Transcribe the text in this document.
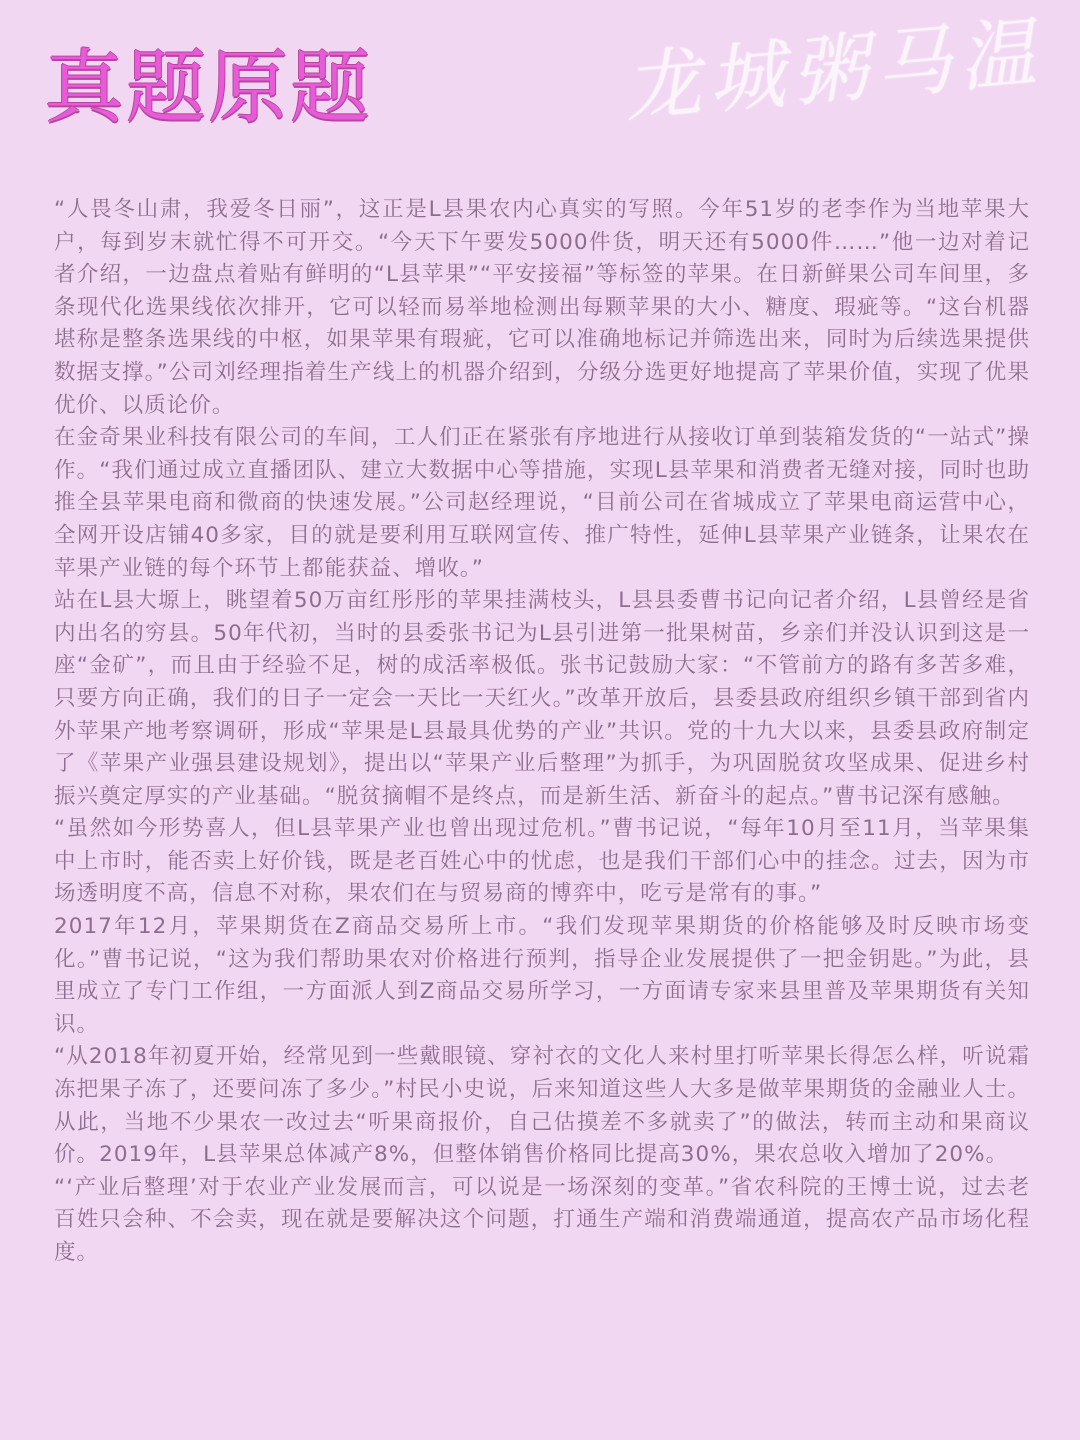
真题原题	龙城粥马温

“人畏冬山肃，我爱冬日丽”，这正是L县果农内心真实的写照。今年51岁的老李作为当地苹果大户，每到岁末就忙得不可开交。“今天下午要发5000件货，明天还有5000件……”他一边对着记者介绍，一边盘点着贴有鲜明的“L县苹果”“平安接福”等标签的苹果。在日新鲜果公司车间里，多条现代化选果线依次排开，它可以轻而易举地检测出每颗苹果的大小、糖度、瑕疵等。“这台机器堪称是整条选果线的中枢，如果苹果有瑕疵，它可以准确地标记并筛选出来，同时为后续选果提供数据支撑。”公司刘经理指着生产线上的机器介绍到，分级分选更好地提高了苹果价值，实现了优果优价、以质论价。

在金奇果业科技有限公司的车间，工人们正在紧张有序地进行从接收订单到装箱发货的“一站式”操作。“我们通过成立直播团队、建立大数据中心等措施，实现L县苹果和消费者无缝对接，同时也助推全县苹果电商和微商的快速发展。”公司赵经理说，“目前公司在省城成立了苹果电商运营中心，全网开设店铺40多家，目的就是要利用互联网宣传、推广特性，延伸L县苹果产业链条，让果农在苹果产业链的每个环节上都能获益、增收。”

站在L县大塬上，眺望着50万亩红彤彤的苹果挂满枝头，L县县委曹书记向记者介绍，L县曾经是省内出名的穷县。50年代初，当时的县委张书记为L县引进第一批果树苗，乡亲们并没认识到这是一座“金矿”，而且由于经验不足，树的成活率极低。张书记鼓励大家：“不管前方的路有多苦多难，只要方向正确，我们的日子一定会一天比一天红火。”改革开放后，县委县政府组织乡镇干部到省内外苹果产地考察调研，形成“苹果是L县最具优势的产业”共识。党的十九大以来，县委县政府制定了《苹果产业强县建设规划》，提出以“苹果产业后整理”为抓手，为巩固脱贫攻坚成果、促进乡村振兴奠定厚实的产业基础。“脱贫摘帽不是终点，而是新生活、新奋斗的起点。”曹书记深有感触。

“虽然如今形势喜人，但L县苹果产业也曾出现过危机。”曹书记说，“每年10月至11月，当苹果集中上市时，能否卖上好价钱，既是老百姓心中的忧虑，也是我们干部们心中的挂念。过去，因为市场透明度不高，信息不对称，果农们在与贸易商的博弈中，吃亏是常有的事。”

2017年12月，苹果期货在Z商品交易所上市。“我们发现苹果期货的价格能够及时反映市场变化。”曹书记说，“这为我们帮助果农对价格进行预判，指导企业发展提供了一把金钥匙。”为此，县里成立了专门工作组，一方面派人到Z商品交易所学习，一方面请专家来县里普及苹果期货有关知识。

“从2018年初夏开始，经常见到一些戴眼镜、穿衬衣的文化人来村里打听苹果长得怎么样，听说霜冻把果子冻了，还要问冻了多少。”村民小史说，后来知道这些人大多是做苹果期货的金融业人士。从此，当地不少果农一改过去“听果商报价，自己估摸差不多就卖了”的做法，转而主动和果商议价。2019年，L县苹果总体减产8%，但整体销售价格同比提高30%，果农总收入增加了20%。

“‘产业后整理’对于农业产业发展而言，可以说是一场深刻的变革。”省农科院的王博士说，过去老百姓只会种、不会卖，现在就是要解决这个问题，打通生产端和消费端通道，提高农产品市场化程度。
